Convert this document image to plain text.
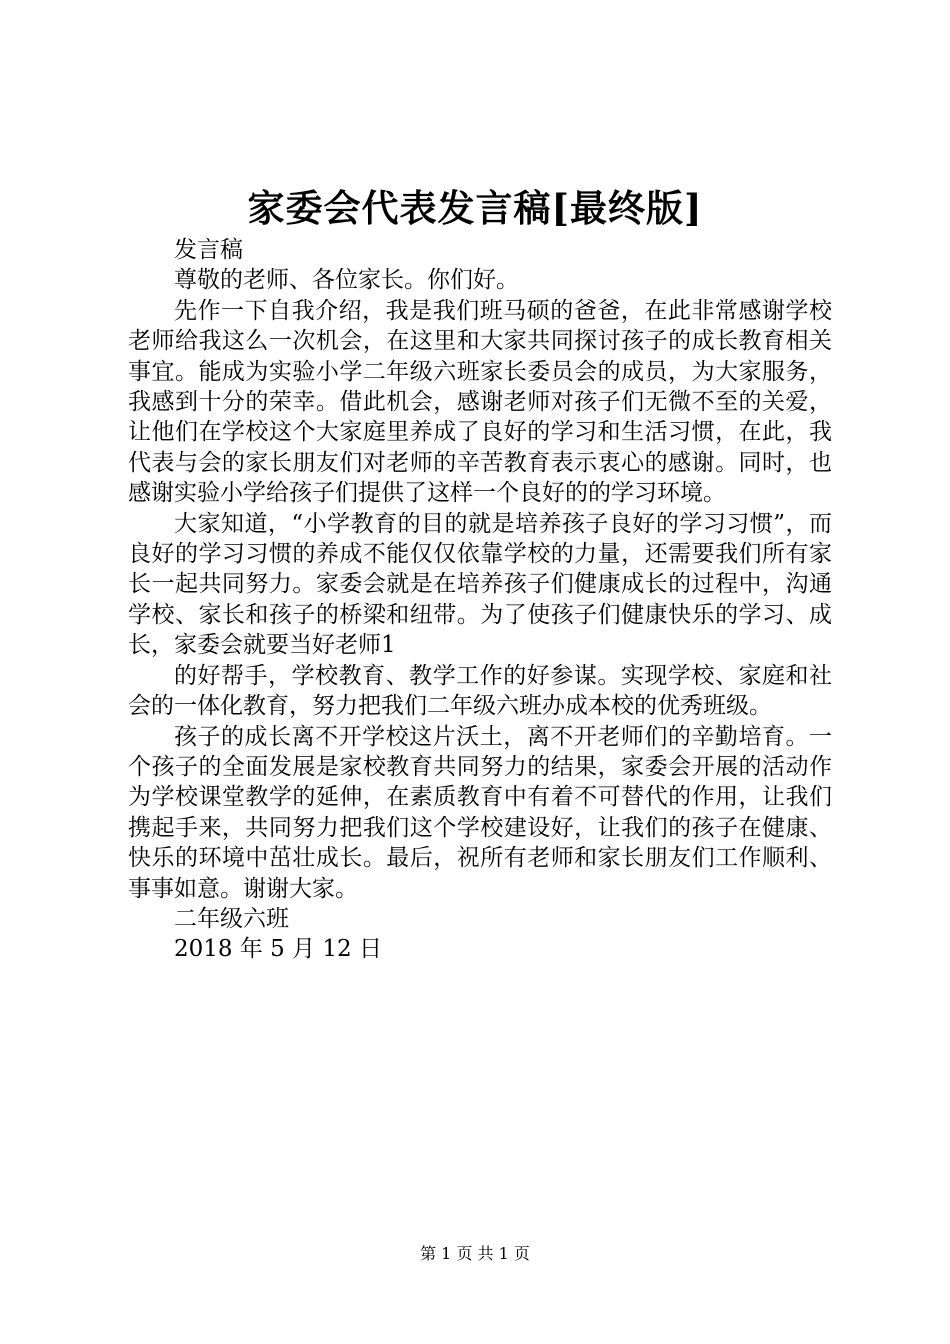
家委会代表发言稿[最终版]

发言稿

尊敬的老师、各位家长。你们好。

先作一下自我介绍，我是我们班马硕的爸爸，在此非常感谢学校老师给我这么一次机会，在这里和大家共同探讨孩子的成长教育相关事宜。能成为实验小学二年级六班家长委员会的成员，为大家服务，我感到十分的荣幸。借此机会，感谢老师对孩子们无微不至的关爱，让他们在学校这个大家庭里养成了良好的学习和生活习惯，在此，我代表与会的家长朋友们对老师的辛苦教育表示衷心的感谢。同时，也感谢实验小学给孩子们提供了这样一个良好的的学习环境。

大家知道，“小学教育的目的就是培养孩子良好的学习习惯”，而良好的学习习惯的养成不能仅仅依靠学校的力量，还需要我们所有家长一起共同努力。家委会就是在培养孩子们健康成长的过程中，沟通学校、家长和孩子的桥梁和纽带。为了使孩子们健康快乐的学习、成长，家委会就要当好老师1

的好帮手，学校教育、教学工作的好参谋。实现学校、家庭和社会的一体化教育，努力把我们二年级六班办成本校的优秀班级。

孩子的成长离不开学校这片沃土，离不开老师们的辛勤培育。一个孩子的全面发展是家校教育共同努力的结果，家委会开展的活动作为学校课堂教学的延伸，在素质教育中有着不可替代的作用，让我们携起手来，共同努力把我们这个学校建设好，让我们的孩子在健康、快乐的环境中茁壮成长。最后，祝所有老师和家长朋友们工作顺利、事事如意。谢谢大家。

二年级六班

2018 年 5 月 12 日

第 1 页 共 1 页
